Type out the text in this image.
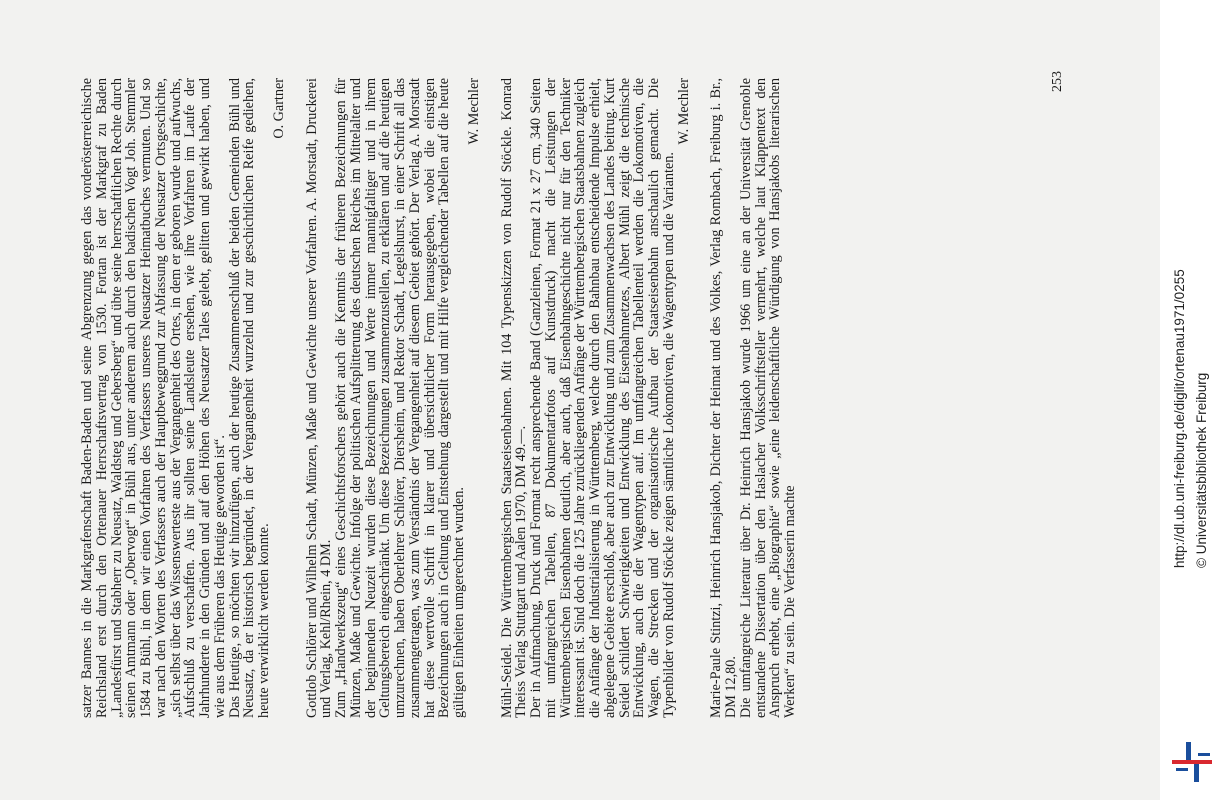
satzer Bannes in die Markgrafenschaft Baden-Baden und seine Abgrenzung gegen das vorderösterreichische Reichsland erst durch den Ortenauer Herrschaftsvertrag von 1530. Fortan ist der Markgraf zu Baden „Landesfürst und Stabherr zu Neusatz, Waldsteg und Gebersberg“ und übte seine herrschaftlichen Rechte durch seinen Amtmann oder „Obervogt“ in Bühl aus, unter anderem auch durch den badischen Vogt Joh. Stemmler 1584 zu Bühl, in dem wir einen Vorfahren des Verfassers unseres Neusatzer Heimatbuches vermuten. Und so war nach den Worten des Verfassers auch der Hauptbeweggrund zur Abfassung der Neusatzer Ortsgeschichte, „sich selbst über das Wissenswerteste aus der Vergangenheit des Ortes, in dem er geboren wurde und aufwuchs, Aufschluß zu verschaffen. Aus ihr sollten seine Landsleute ersehen, wie ihre Vorfahren im Laufe der Jahrhunderte in den Gründen und auf den Höhen des Neusatzer Tales gelebt, gelitten und gewirkt haben, und wie aus dem Früheren das Heutige geworden ist“.

Das Heutige, so möchten wir hinzufügen, auch der heutige Zusammenschluß der beiden Gemeinden Bühl und Neusatz, da er historisch begründet, in der Vergangenheit wurzelnd und zur geschichtlichen Reife gediehen, heute verwirklicht werden konnte.

O. Gartner Gottlob Schlörer und Wilhelm Schadt, Münzen, Maße und Gewichte unserer Vorfahren. A. Morstadt, Druckerei und Verlag, Kehl/Rhein, 4 DM.

Zum „Handwerkszeug“ eines Geschichtsforschers gehört auch die Kenntnis der früheren Bezeichnungen für Münzen, Maße und Gewichte. Infolge der politischen Aufsplitterung des deutschen Reiches im Mittelalter und der beginnenden Neuzeit wurden diese Bezeichnungen und Werte immer mannigfaltiger und in ihrem Geltungsbereich eingeschränkt. Um diese Bezeichnungen zusammenzustellen, zu erklären und auf die heutigen umzurechnen, haben Oberlehrer Schlörer, Diersheim, und Rektor Schadt, Legelshurst, in einer Schrift all das zusammengetragen, was zum Verständnis der Vergangenheit auf diesem Gebiet gehört. Der Verlag A. Morstadt hat diese wertvolle Schrift in klarer und übersichtlicher Form herausgegeben, wobei die einstigen Bezeichnungen auch in Geltung und Entstehung dargestellt und mit Hilfe vergleichender Tabellen auf die heute gültigen Einheiten umgerechnet wurden.

W. Mechler Mühl-Seidel. Die Württembergischen Staatseisenbahnen. Mit 104 Typenskizzen von Rudolf Stöckle. Konrad Theiss Verlag Stuttgart und Aalen 1970, DM 49.—.

Der in Aufmachung, Druck und Format recht ansprechende Band (Ganzleinen, Format 21 x 27 cm, 340 Seiten mit umfangreichen Tabellen, 87 Dokumentarfotos auf Kunstdruck) macht die Leistungen der Württembergischen Eisenbahnen deutlich, aber auch, daß Eisenbahngeschichte nicht nur für den Techniker interessant ist. Sind doch die 125 Jahre zurückliegenden Anfänge der Württembergischen Staatsbahnen zugleich die Anfänge der Industrialisierung in Württemberg, welche durch den Bahnbau entscheidende Impulse erhielt, abgelegene Gebiete erschloß, aber auch zur Entwicklung und zum Zusammenwachsen des Landes beitrug. Kurt Seidel schildert Schwierigkeiten und Entwicklung des Eisenbahnnetzes, Albert Mühl zeigt die technische Entwicklung, auch die der Wagentypen auf. Im umfangreichen Tabellenteil werden die Lokomotiven, die Wagen, die Strecken und der organisatorische Aufbau der Staatseisenbahn anschaulich gemacht. Die Typenbilder von Rudolf Stöckle zeigen sämtliche Lokomotiven, die Wagentypen und die Varianten.

W. Mechler Marie-Paule Stintzi, Heinrich Hansjakob, Dichter der Heimat und des Volkes, Verlag Rombach, Freiburg i. Br., DM 12,80.

Die umfangreiche Literatur über Dr. Heinrich Hansjakob wurde 1966 um eine an der Universität Grenoble entstandene Dissertation über den Haslacher Volksschriftsteller vermehrt, welche laut Klappentext den Anspruch erhebt, eine „Biographie“ sowie „eine leidenschaftliche Würdigung von Hansjakobs literarischen Werken“ zu sein. Die Verfasserin machte

253
http://dl.ub.uni-freiburg.de/diglit/ortenau1971/0255 © Universitätsbibliothek Freiburg
